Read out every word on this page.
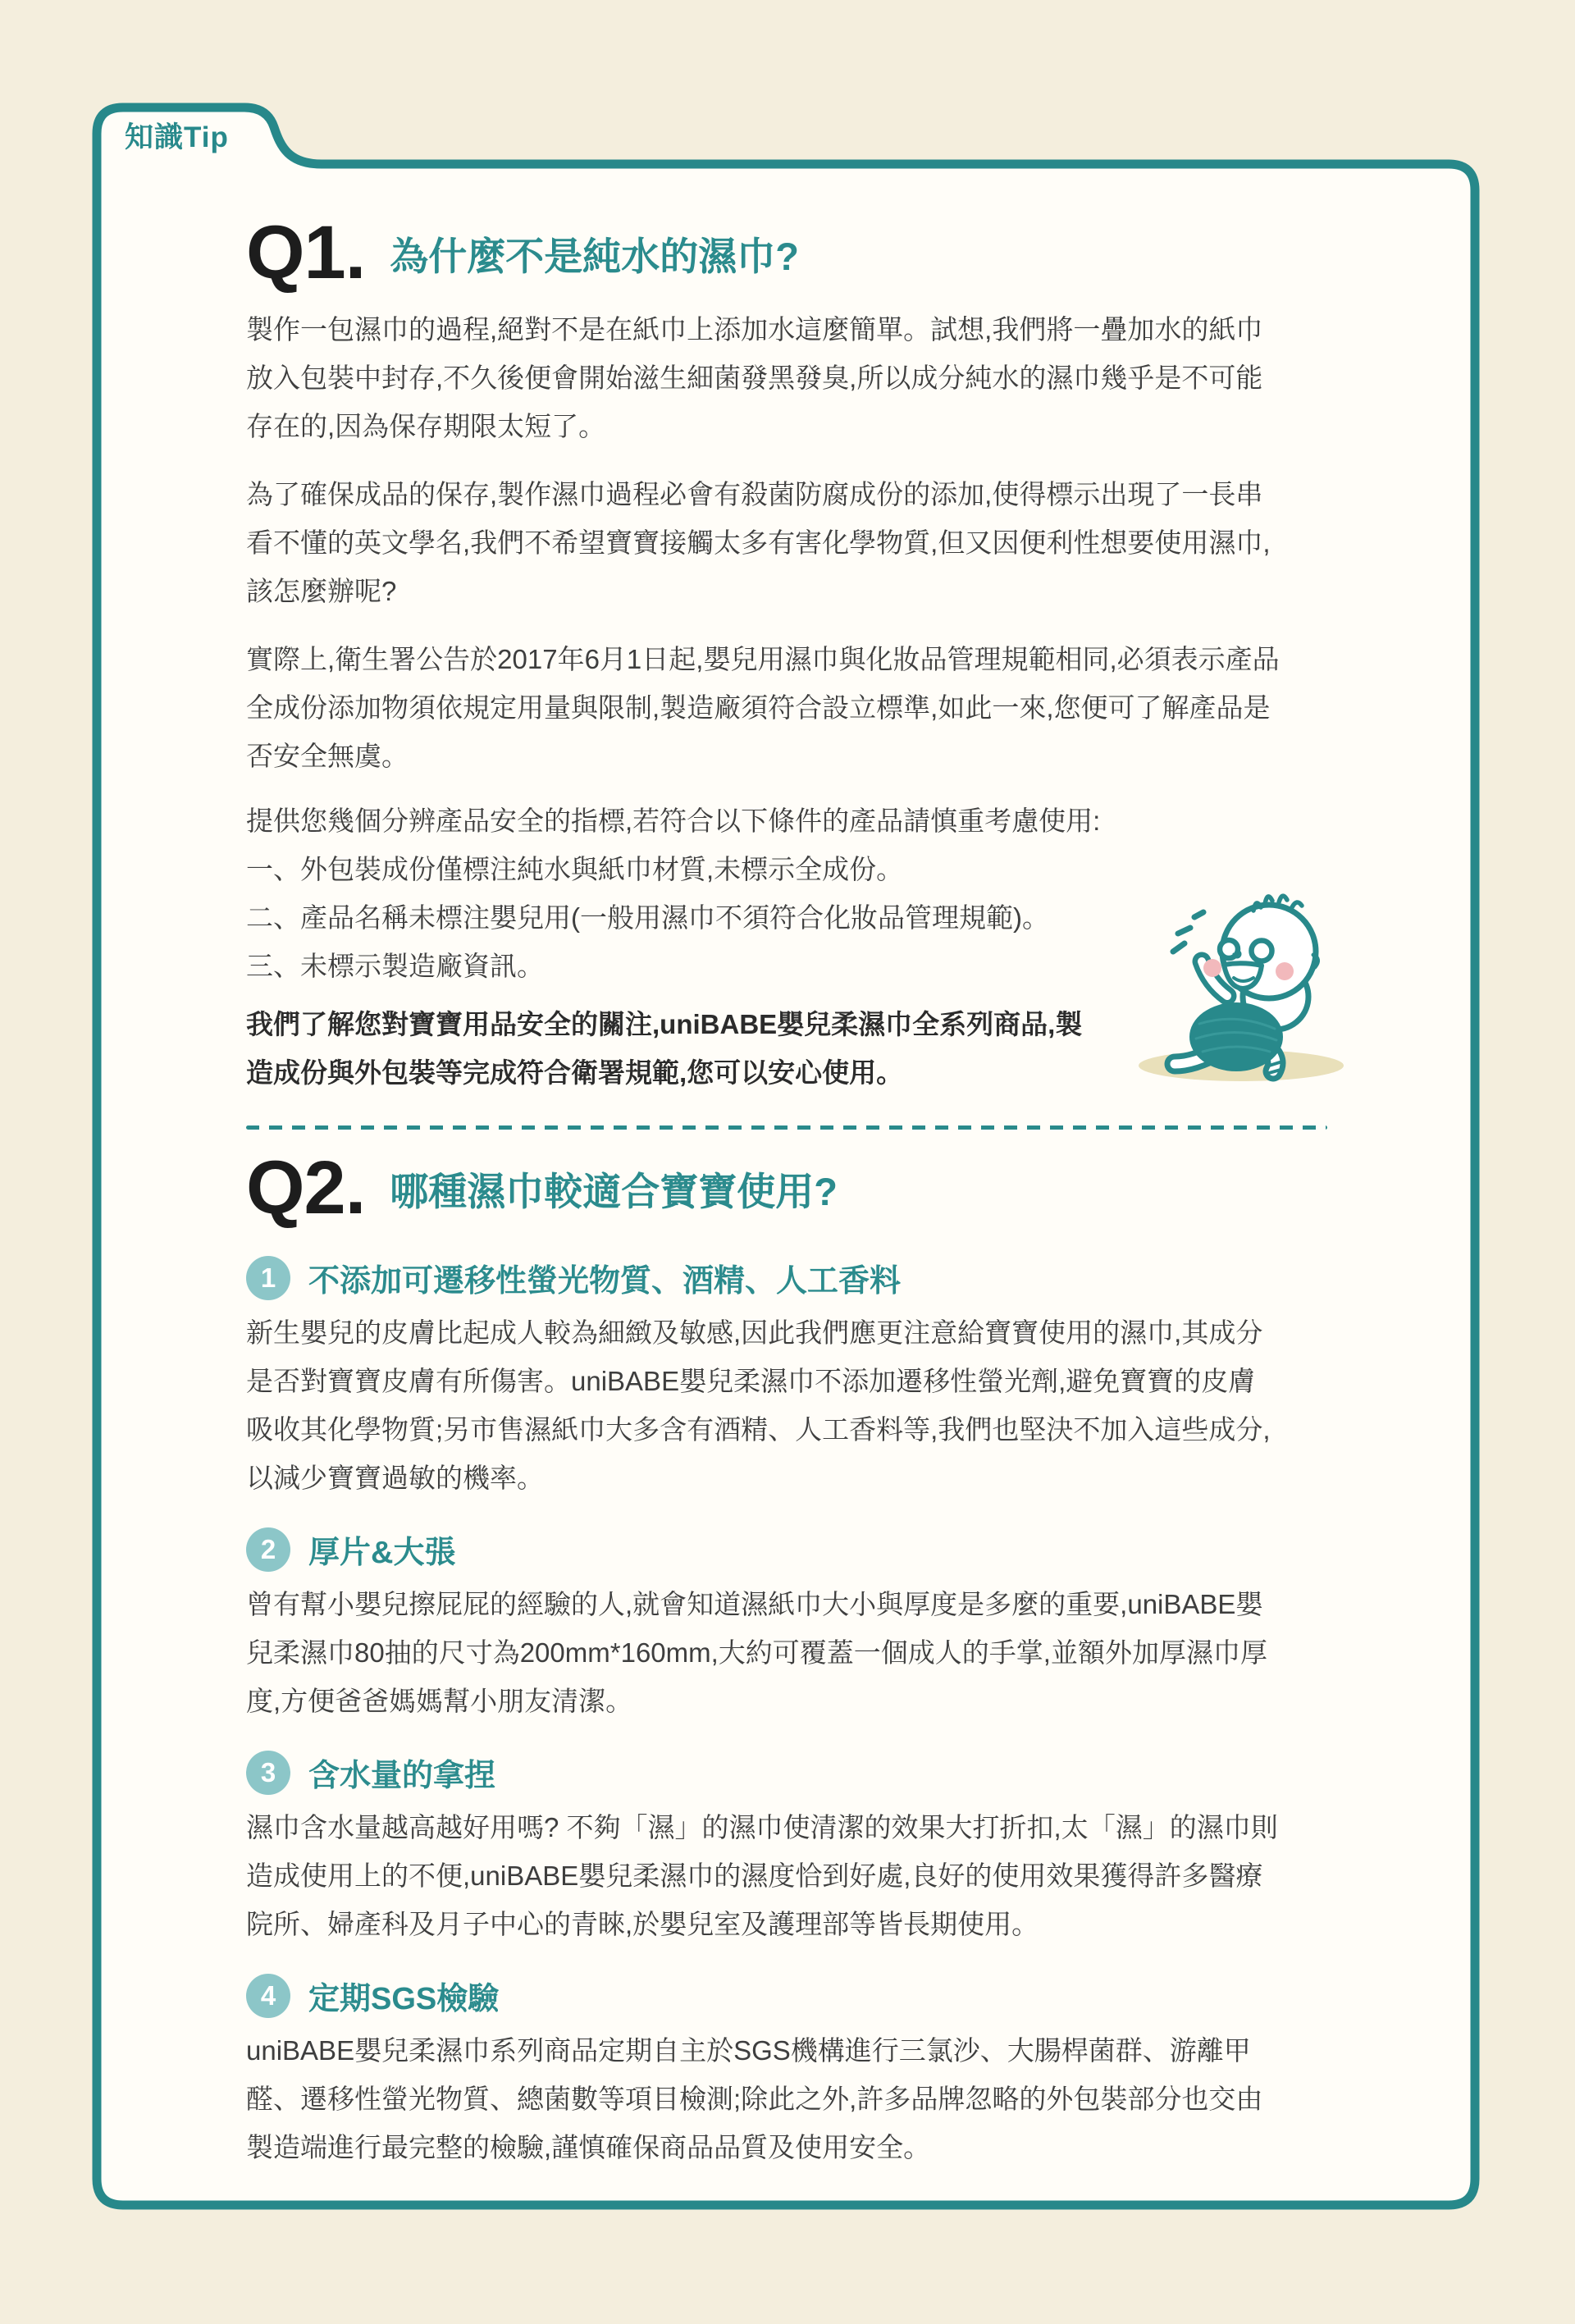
知識Tip
Q1. 為什麼不是純水的濕巾?

製作一包濕巾的過程,絕對不是在紙巾上添加水這麼簡單。試想,我們將一疊加水的紙巾放入包裝中封存,不久後便會開始滋生細菌發黑發臭,所以成分純水的濕巾幾乎是不可能存在的,因為保存期限太短了。

為了確保成品的保存,製作濕巾過程必會有殺菌防腐成份的添加,使得標示出現了一長串看不懂的英文學名,我們不希望寶寶接觸太多有害化學物質,但又因便利性想要使用濕巾,該怎麼辦呢?

實際上,衛生署公告於2017年6月1日起,嬰兒用濕巾與化妝品管理規範相同,必須表示產品全成份添加物須依規定用量與限制,製造廠須符合設立標準,如此一來,您便可了解產品是否安全無虞。

提供您幾個分辨產品安全的指標,若符合以下條件的產品請慎重考慮使用:
一、外包裝成份僅標注純水與紙巾材質,未標示全成份。
二、產品名稱未標注嬰兒用(一般用濕巾不須符合化妝品管理規範)。
三、未標示製造廠資訊。
我們了解您對寶寶用品安全的關注,uniBABE嬰兒柔濕巾全系列商品,製造成份與外包裝等完成符合衛署規範,您可以安心使用。
Q2. 哪種濕巾較適合寶寶使用?
1	不添加可遷移性螢光物質、酒精、人工香料

新生嬰兒的皮膚比起成人較為細緻及敏感,因此我們應更注意給寶寶使用的濕巾,其成分是否對寶寶皮膚有所傷害。uniBABE嬰兒柔濕巾不添加遷移性螢光劑,避免寶寶的皮膚吸收其化學物質;另市售濕紙巾大多含有酒精、人工香料等,我們也堅決不加入這些成分,以減少寶寶過敏的機率。

2	厚片&大張

曾有幫小嬰兒擦屁屁的經驗的人,就會知道濕紙巾大小與厚度是多麼的重要,uniBABE嬰兒柔濕巾80抽的尺寸為200mm*160mm,大約可覆蓋一個成人的手掌,並額外加厚濕巾厚度,方便爸爸媽媽幫小朋友清潔。

3	含水量的拿捏

濕巾含水量越高越好用嗎? 不夠「濕」的濕巾使清潔的效果大打折扣,太「濕」的濕巾則造成使用上的不便,uniBABE嬰兒柔濕巾的濕度恰到好處,良好的使用效果獲得許多醫療院所、婦產科及月子中心的青睞,於嬰兒室及護理部等皆長期使用。

4	定期SGS檢驗

uniBABE嬰兒柔濕巾系列商品定期自主於SGS機構進行三氯沙、大腸桿菌群、游離甲醛、遷移性螢光物質、總菌數等項目檢測;除此之外,許多品牌忽略的外包裝部分也交由製造端進行最完整的檢驗,謹慎確保商品品質及使用安全。
